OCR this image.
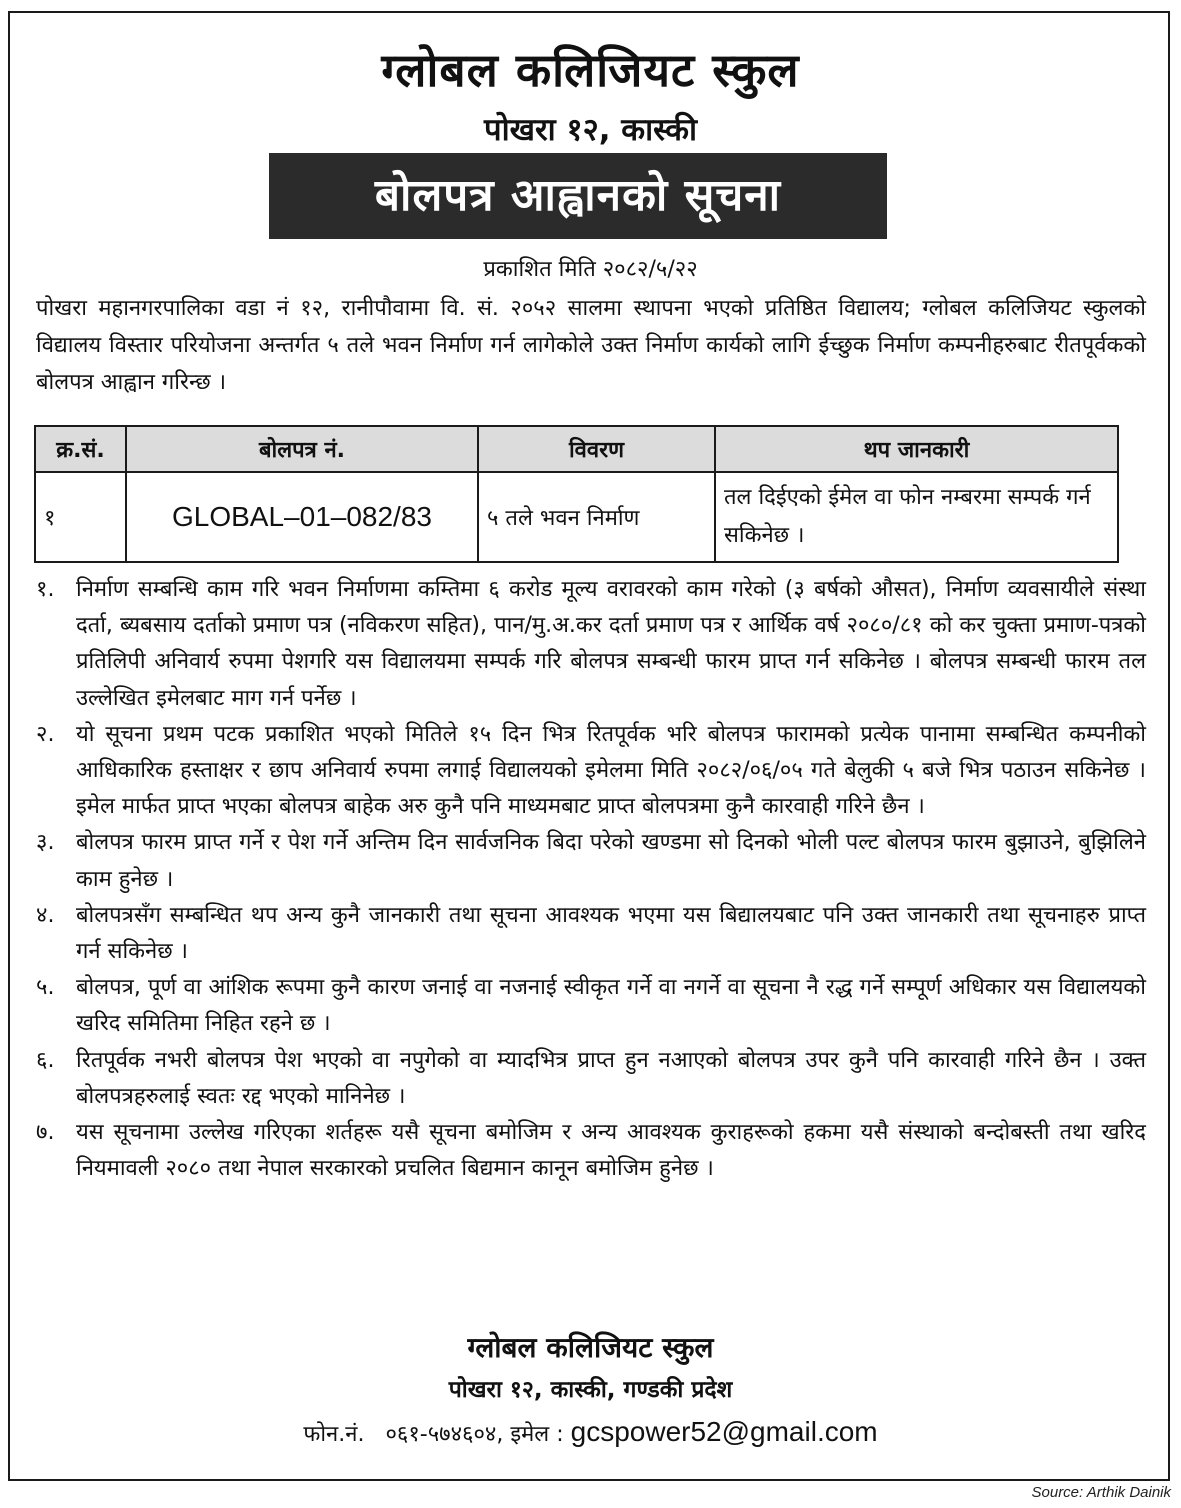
ग्लोबल कलिजियट स्कुल
पोखरा १२, कास्की
बोलपत्र आह्वानको सूचना
प्रकाशित मिति २०८२/५/२२

पोखरा महानगरपालिका वडा नं १२, रानीपौवामा वि. सं. २०५२ सालमा स्थापना भएको प्रतिष्ठित विद्यालय; ग्लोबल कलिजियट स्कुलको विद्यालय विस्तार परियोजना अन्तर्गत ५ तले भवन निर्माण गर्न लागेकोले उक्त निर्माण कार्यको लागि ईच्छुक निर्माण कम्पनीहरुबाट रीतपूर्वकको बोलपत्र आह्वान गरिन्छ ।

क्र.सं.	बोलपत्र नं.	विवरण	थप जानकारी
१	GLOBAL–01–082/83	५ तले भवन निर्माण	तल दिईएको ईमेल वा फोन नम्बरमा सम्पर्क गर्न सकिनेछ ।
१. निर्माण सम्बन्धि काम गरि भवन निर्माणमा कम्तिमा ६ करोड मूल्य वरावरको काम गरेको (३ बर्षको औसत), निर्माण व्यवसायीले संस्था दर्ता, ब्यबसाय दर्ताको प्रमाण पत्र (नविकरण सहित), पान/मु.अ.कर दर्ता प्रमाण पत्र र आर्थिक वर्ष २०८०/८१ को कर चुक्ता प्रमाण-पत्रको प्रतिलिपी अनिवार्य रुपमा पेशगरि यस विद्यालयमा सम्पर्क गरि बोलपत्र सम्बन्धी फारम प्राप्त गर्न सकिनेछ । बोलपत्र सम्बन्धी फारम तल उल्लेखित इमेलबाट माग गर्न पर्नेछ ।
२. यो सूचना प्रथम पटक प्रकाशित भएको मितिले १५ दिन भित्र रितपूर्वक भरि बोलपत्र फारामको प्रत्येक पानामा सम्बन्धित कम्पनीको आधिकारिक हस्ताक्षर र छाप अनिवार्य रुपमा लगाई विद्यालयको इमेलमा मिति २०८२/०६/०५ गते बेलुकी ५ बजे भित्र पठाउन सकिनेछ । इमेल मार्फत प्राप्त भएका बोलपत्र बाहेक अरु कुनै पनि माध्यमबाट प्राप्त बोलपत्रमा कुनै कारवाही गरिने छैन ।
३. बोलपत्र फारम प्राप्त गर्ने र पेश गर्ने अन्तिम दिन सार्वजनिक बिदा परेको खण्डमा सो दिनको भोली पल्ट बोलपत्र फारम बुझाउने, बुझिलिने काम हुनेछ ।
४. बोलपत्रसँग सम्बन्धित थप अन्य कुनै जानकारी तथा सूचना आवश्यक भएमा यस बिद्यालयबाट पनि उक्त जानकारी तथा सूचनाहरु प्राप्त गर्न सकिनेछ ।
५. बोलपत्र, पूर्ण वा आंशिक रूपमा कुनै कारण जनाई वा नजनाई स्वीकृत गर्ने वा नगर्ने वा सूचना नै रद्ध गर्ने सम्पूर्ण अधिकार यस विद्यालयको खरिद समितिमा निहित रहने छ ।
६. रितपूर्वक नभरी बोलपत्र पेश भएको वा नपुगेको वा म्यादभित्र प्राप्त हुन नआएको बोलपत्र उपर कुनै पनि कारवाही गरिने छैन । उक्त बोलपत्रहरुलाई स्वतः रद्द भएको मानिनेछ ।
७. यस सूचनामा उल्लेख गरिएका शर्तहरू यसै सूचना बमोजिम र अन्य आवश्यक कुराहरूको हकमा यसै संस्थाको बन्दोबस्ती तथा खरिद नियमावली २०८० तथा नेपाल सरकारको प्रचलित बिद्यमान कानून बमोजिम हुनेछ ।
ग्लोबल कलिजियट स्कुल
पोखरा १२, कास्की, गण्डकी प्रदेश
फोन.नं. ०६१-५७४६०४, इमेल : gcspower52@gmail.com
Source: Arthik Dainik
